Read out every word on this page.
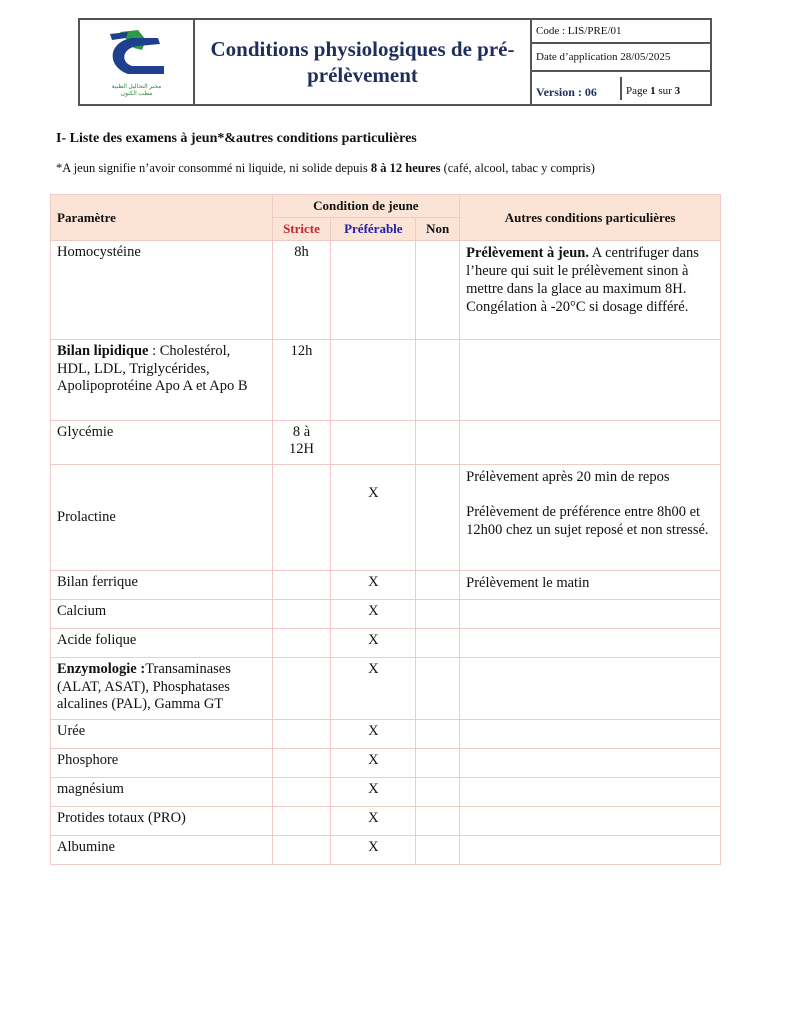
مخبر التحاليل الطبية
مطب الكتون
Conditions physiologiques de pré-
prélèvement
Code : LIS/PRE/01
Date d’application 28/05/2025
Version : 06	Page 1 sur 3
I- Liste des examens à jeun*&autres conditions particulières
*A jeun signifie n’avoir consommé ni liquide, ni solide depuis 8 à 12 heures (café, alcool, tabac y compris)
Paramètre	Condition de jeune			Autres conditions particulières
	Stricte	Préférable	Non	
Homocystéine	8h			Prélèvement à jeun. A centrifuger dans l’heure qui suit le prélèvement sinon à mettre dans la glace au maximum 8H. Congélation à -20°C si dosage différé.
Bilan lipidique : Cholestérol, HDL, LDL, Triglycérides, Apolipoprotéine Apo A et Apo B	12h			
Glycémie	8 à 12H			
Prolactine		X		Prélèvement après 20 min de repos
Prélèvement de préférence entre 8h00 et 12h00 chez un sujet reposé et non stressé.

Bilan ferrique		X		Prélèvement le matin
Calcium		X		
Acide folique		X		
Enzymologie :Transaminases (ALAT, ASAT), Phosphatases alcalines (PAL), Gamma GT		X		
Urée		X		
Phosphore		X		
magnésium		X		
Protides totaux (PRO)		X		
Albumine		X		
